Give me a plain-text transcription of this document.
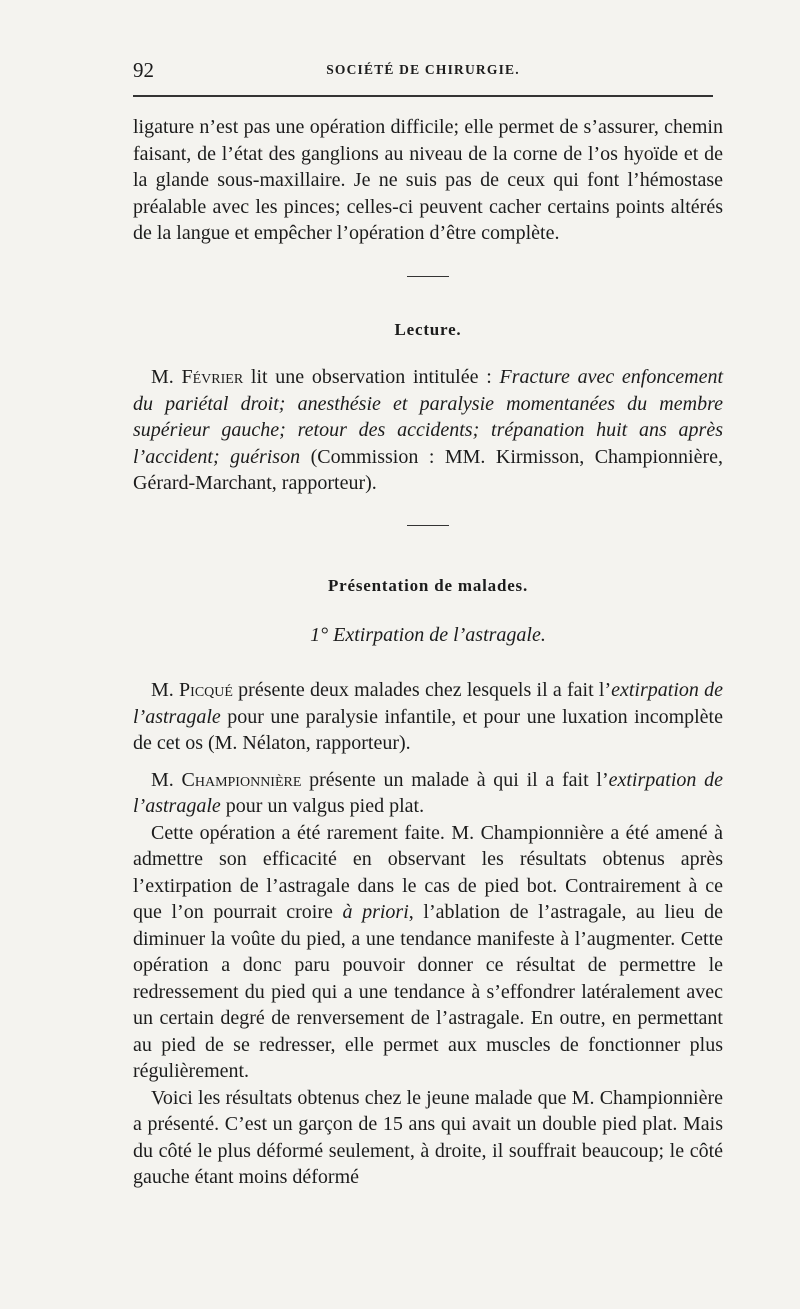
92	SOCIÉTÉ DE CHIRURGIE.

ligature n’est pas une opération difficile; elle permet de s’assurer, chemin faisant, de l’état des ganglions au niveau de la corne de l’os hyoïde et de la glande sous-maxillaire. Je ne suis pas de ceux qui font l’hémostase préalable avec les pinces; celles-ci peuvent cacher certains points altérés de la langue et empêcher l’opération d’être complète.

Lecture.

M. Février lit une observation intitulée : Fracture avec enfoncement du pariétal droit; anesthésie et paralysie momentanées du membre supérieur gauche; retour des accidents; trépanation huit ans après l’accident; guérison (Commission : MM. Kirmisson, Championnière, Gérard-Marchant, rapporteur).

Présentation de malades.
1° Extirpation de l’astragale.

M. Picqué présente deux malades chez lesquels il a fait l’extirpation de l’astragale pour une paralysie infantile, et pour une luxation incomplète de cet os (M. Nélaton, rapporteur).

M. Championnière présente un malade à qui il a fait l’extirpation de l’astragale pour un valgus pied plat.

Cette opération a été rarement faite. M. Championnière a été amené à admettre son efficacité en observant les résultats obtenus après l’extirpation de l’astragale dans le cas de pied bot. Contrairement à ce que l’on pourrait croire à priori, l’ablation de l’astragale, au lieu de diminuer la voûte du pied, a une tendance manifeste à l’augmenter. Cette opération a donc paru pouvoir donner ce résultat de permettre le redressement du pied qui a une tendance à s’effondrer latéralement avec un certain degré de renversement de l’astragale. En outre, en permettant au pied de se redresser, elle permet aux muscles de fonctionner plus régulièrement.

Voici les résultats obtenus chez le jeune malade que M. Championnière a présenté. C’est un garçon de 15 ans qui avait un double pied plat. Mais du côté le plus déformé seulement, à droite, il souffrait beaucoup; le côté gauche étant moins déformé
